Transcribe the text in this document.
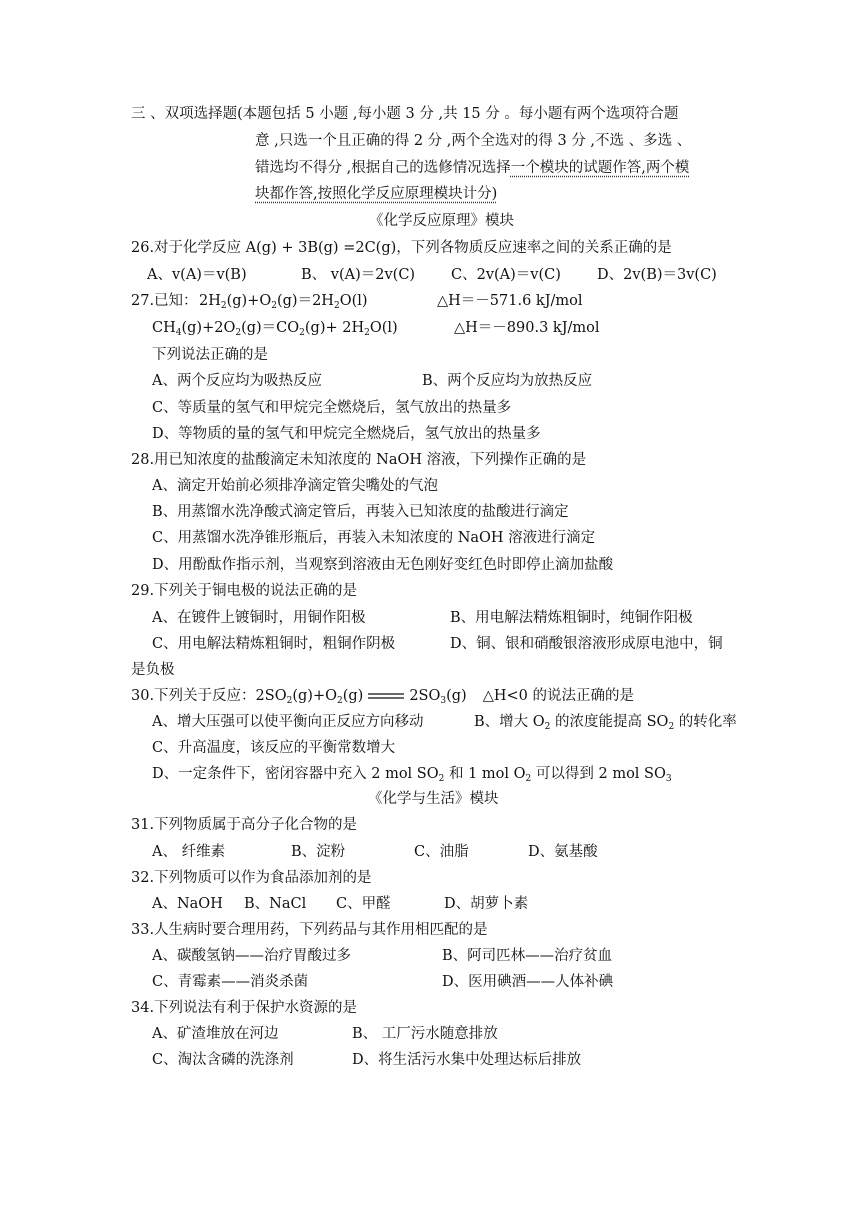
三 、双项选择题(本题包括 5 小题 ,每小题 3 分 ,共 15 分 。每小题有两个选项符合题
意 ,只选一个且正确的得 2 分 ,两个全选对的得 3 分 ,不选 、多选 、
错选均不得分 ,根据自己的选修情况选择一个模块的试题作答,两个模
块都作答,按照化学反应原理模块计分)
《化学反应原理》模块
26.对于化学反应 A(g) + 3B(g) =2C(g)，下列各物质反应速率之间的关系正确的是
A、v(A)＝v(B)	B、 v(A)＝2v(C) C、2v(A)＝v(C) D、2v(B)＝3v(C)
27.已知： $2H_2(g)+O_2(g)=2H_2O(l)$	△H＝－571.6 kJ/mol
$CH_4(g)+2O_2(g)=CO_2(g)+ 2H_2O(l)$	△H＝－890.3 kJ/mol
下列说法正确的是
A、两个反应均为吸热反应	B、两个反应均为放热反应
C、等质量的氢气和甲烷完全燃烧后，氢气放出的热量多
D、等物质的量的氢气和甲烷完全燃烧后，氢气放出的热量多
28.用已知浓度的盐酸滴定未知浓度的 NaOH 溶液，下列操作正确的是
A、滴定开始前必须排净滴定管尖嘴处的气泡
B、用蒸馏水洗净酸式滴定管后，再装入已知浓度的盐酸进行滴定
C、用蒸馏水洗净锥形瓶后，再装入未知浓度的 NaOH 溶液进行滴定
D、用酚酞作指示剂，当观察到溶液由无色刚好变红色时即停止滴加盐酸
29.下列关于铜电极的说法正确的是
A、在镀件上镀铜时，用铜作阳极	B、用电解法精炼粗铜时，纯铜作阳极
C、用电解法精炼粗铜时，粗铜作阴极	D、铜、银和硝酸银溶液形成原电池中，铜
是负极
30.下列关于反应：$2SO_2(g)+O_2(g)$	$2SO_3(g)$ △H<0 的说法正确的是
A、增大压强可以使平衡向正反应方向移动	B、增大 $O_2$ 的浓度能提高 $SO_2$ 的转化率
C、升高温度，该反应的平衡常数增大
D、一定条件下，密闭容器中充入 2 mol $SO_2$ 和 1 mol $O_2$ 可以得到 2 mol $SO_3$
《化学与生活》模块
31.下列物质属于高分子化合物的是
A、 纤维素	B、淀粉	C、油脂	D、氨基酸
32.下列物质可以作为食品添加剂的是
A、NaOH B、NaCl C、甲醛	D、胡萝卜素
33.人生病时要合理用药，下列药品与其作用相匹配的是
A、碳酸氢钠——治疗胃酸过多	B、阿司匹林——治疗贫血
C、青霉素——消炎杀菌	D、医用碘酒——人体补碘
34.下列说法有利于保护水资源的是
A、矿渣堆放在河边	B、 工厂污水随意排放
C、淘汰含磷的洗涤剂	D、将生活污水集中处理达标后排放
